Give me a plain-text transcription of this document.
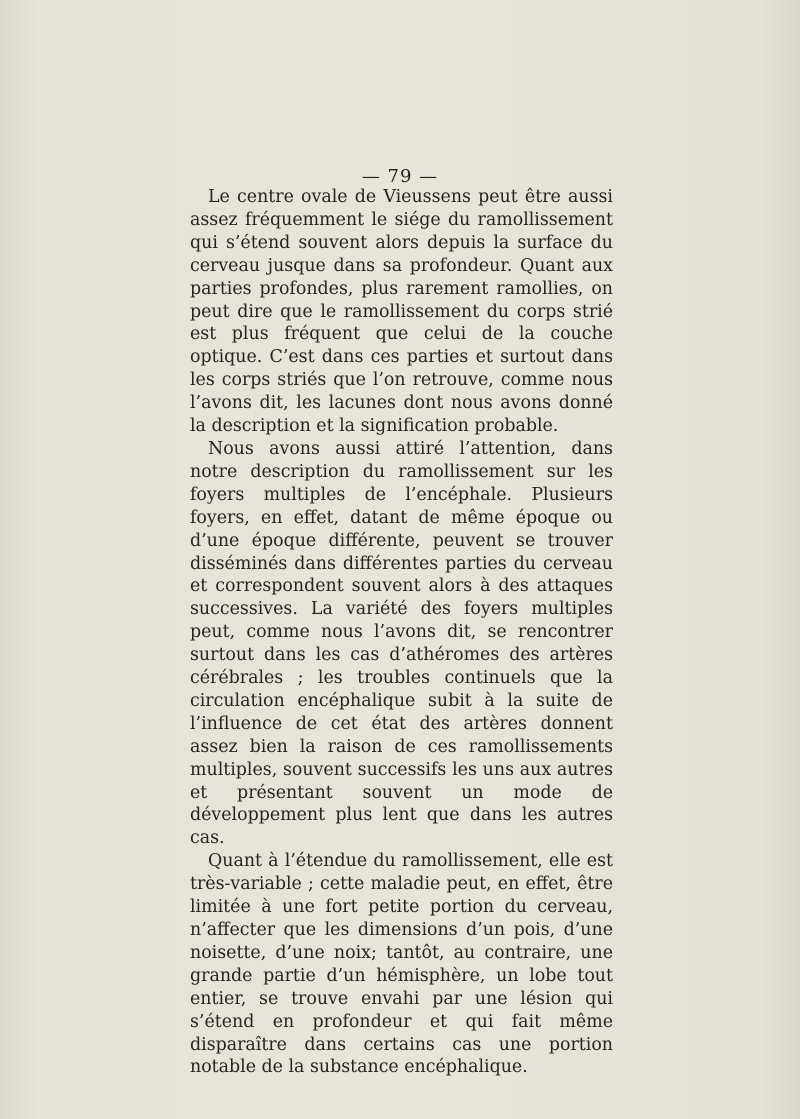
— 79 —

Le centre ovale de Vieussens peut être aussi assez fréquemment le siége du ramollissement qui s’étend souvent alors depuis la surface du cerveau jusque dans sa profondeur. Quant aux parties profondes, plus rarement ramollies, on peut dire que le ramollissement du corps strié est plus fréquent que celui de la couche optique. C’est dans ces parties et surtout dans les corps striés que l’on retrouve, comme nous l’avons dit, les lacunes dont nous avons donné la description et la signification probable.

Nous avons aussi attiré l’attention, dans notre description du ramollissement sur les foyers multiples de l’encéphale. Plusieurs foyers, en effet, datant de même époque ou d’une époque différente, peuvent se trouver disséminés dans différentes parties du cerveau et correspondent souvent alors à des attaques successives. La variété des foyers multiples peut, comme nous l’avons dit, se rencontrer surtout dans les cas d’athéromes des artères cérébrales ; les troubles continuels que la circulation encéphalique subit à la suite de l’influence de cet état des artères donnent assez bien la raison de ces ramollissements multiples, souvent successifs les uns aux autres et présentant souvent un mode de développement plus lent que dans les autres cas.

Quant à l’étendue du ramollissement, elle est très-variable ; cette maladie peut, en effet, être limitée à une fort petite portion du cerveau, n’affecter que les dimensions d’un pois, d’une noisette, d’une noix; tantôt, au contraire, une grande partie d’un hémisphère, un lobe tout entier, se trouve envahi par une lésion qui s’étend en profondeur et qui fait même disparaître dans certains cas une portion notable de la substance encéphalique.
